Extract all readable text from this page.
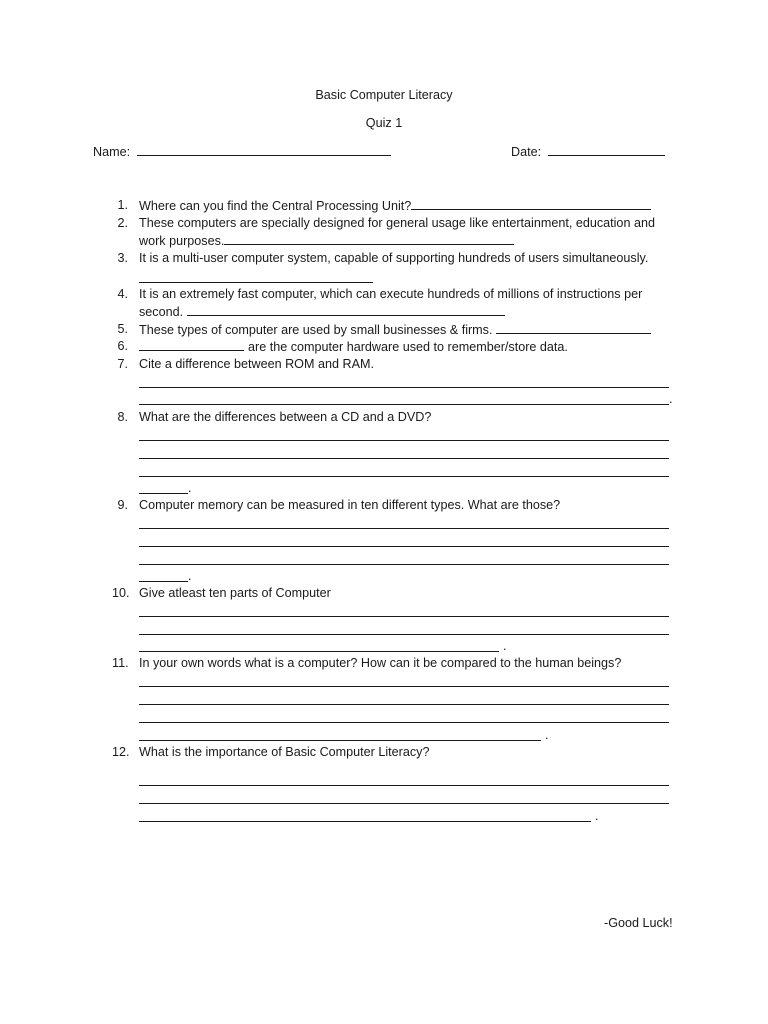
Basic Computer Literacy
Quiz 1
Name:	Date:
1. Where can you find the Central Processing Unit?
2. These computers are specially designed for general usage like entertainment, education and
work purposes.
3. It is a multi-user computer system, capable of supporting hundreds of users simultaneously.
4. It is an extremely fast computer, which can execute hundreds of millions of instructions per
second.
5. These types of computer are used by small businesses & firms.
6.	are the computer hardware used to remember/store data.
7. Cite a difference between ROM and RAM.
.
8. What are the differences between a CD and a DVD?
.
9. Computer memory can be measured in ten different types. What are those?
.
10. Give atleast ten parts of Computer
.
11. In your own words what is a computer? How can it be compared to the human beings?
.
12. What is the importance of Basic Computer Literacy?
.
-Good Luck!
